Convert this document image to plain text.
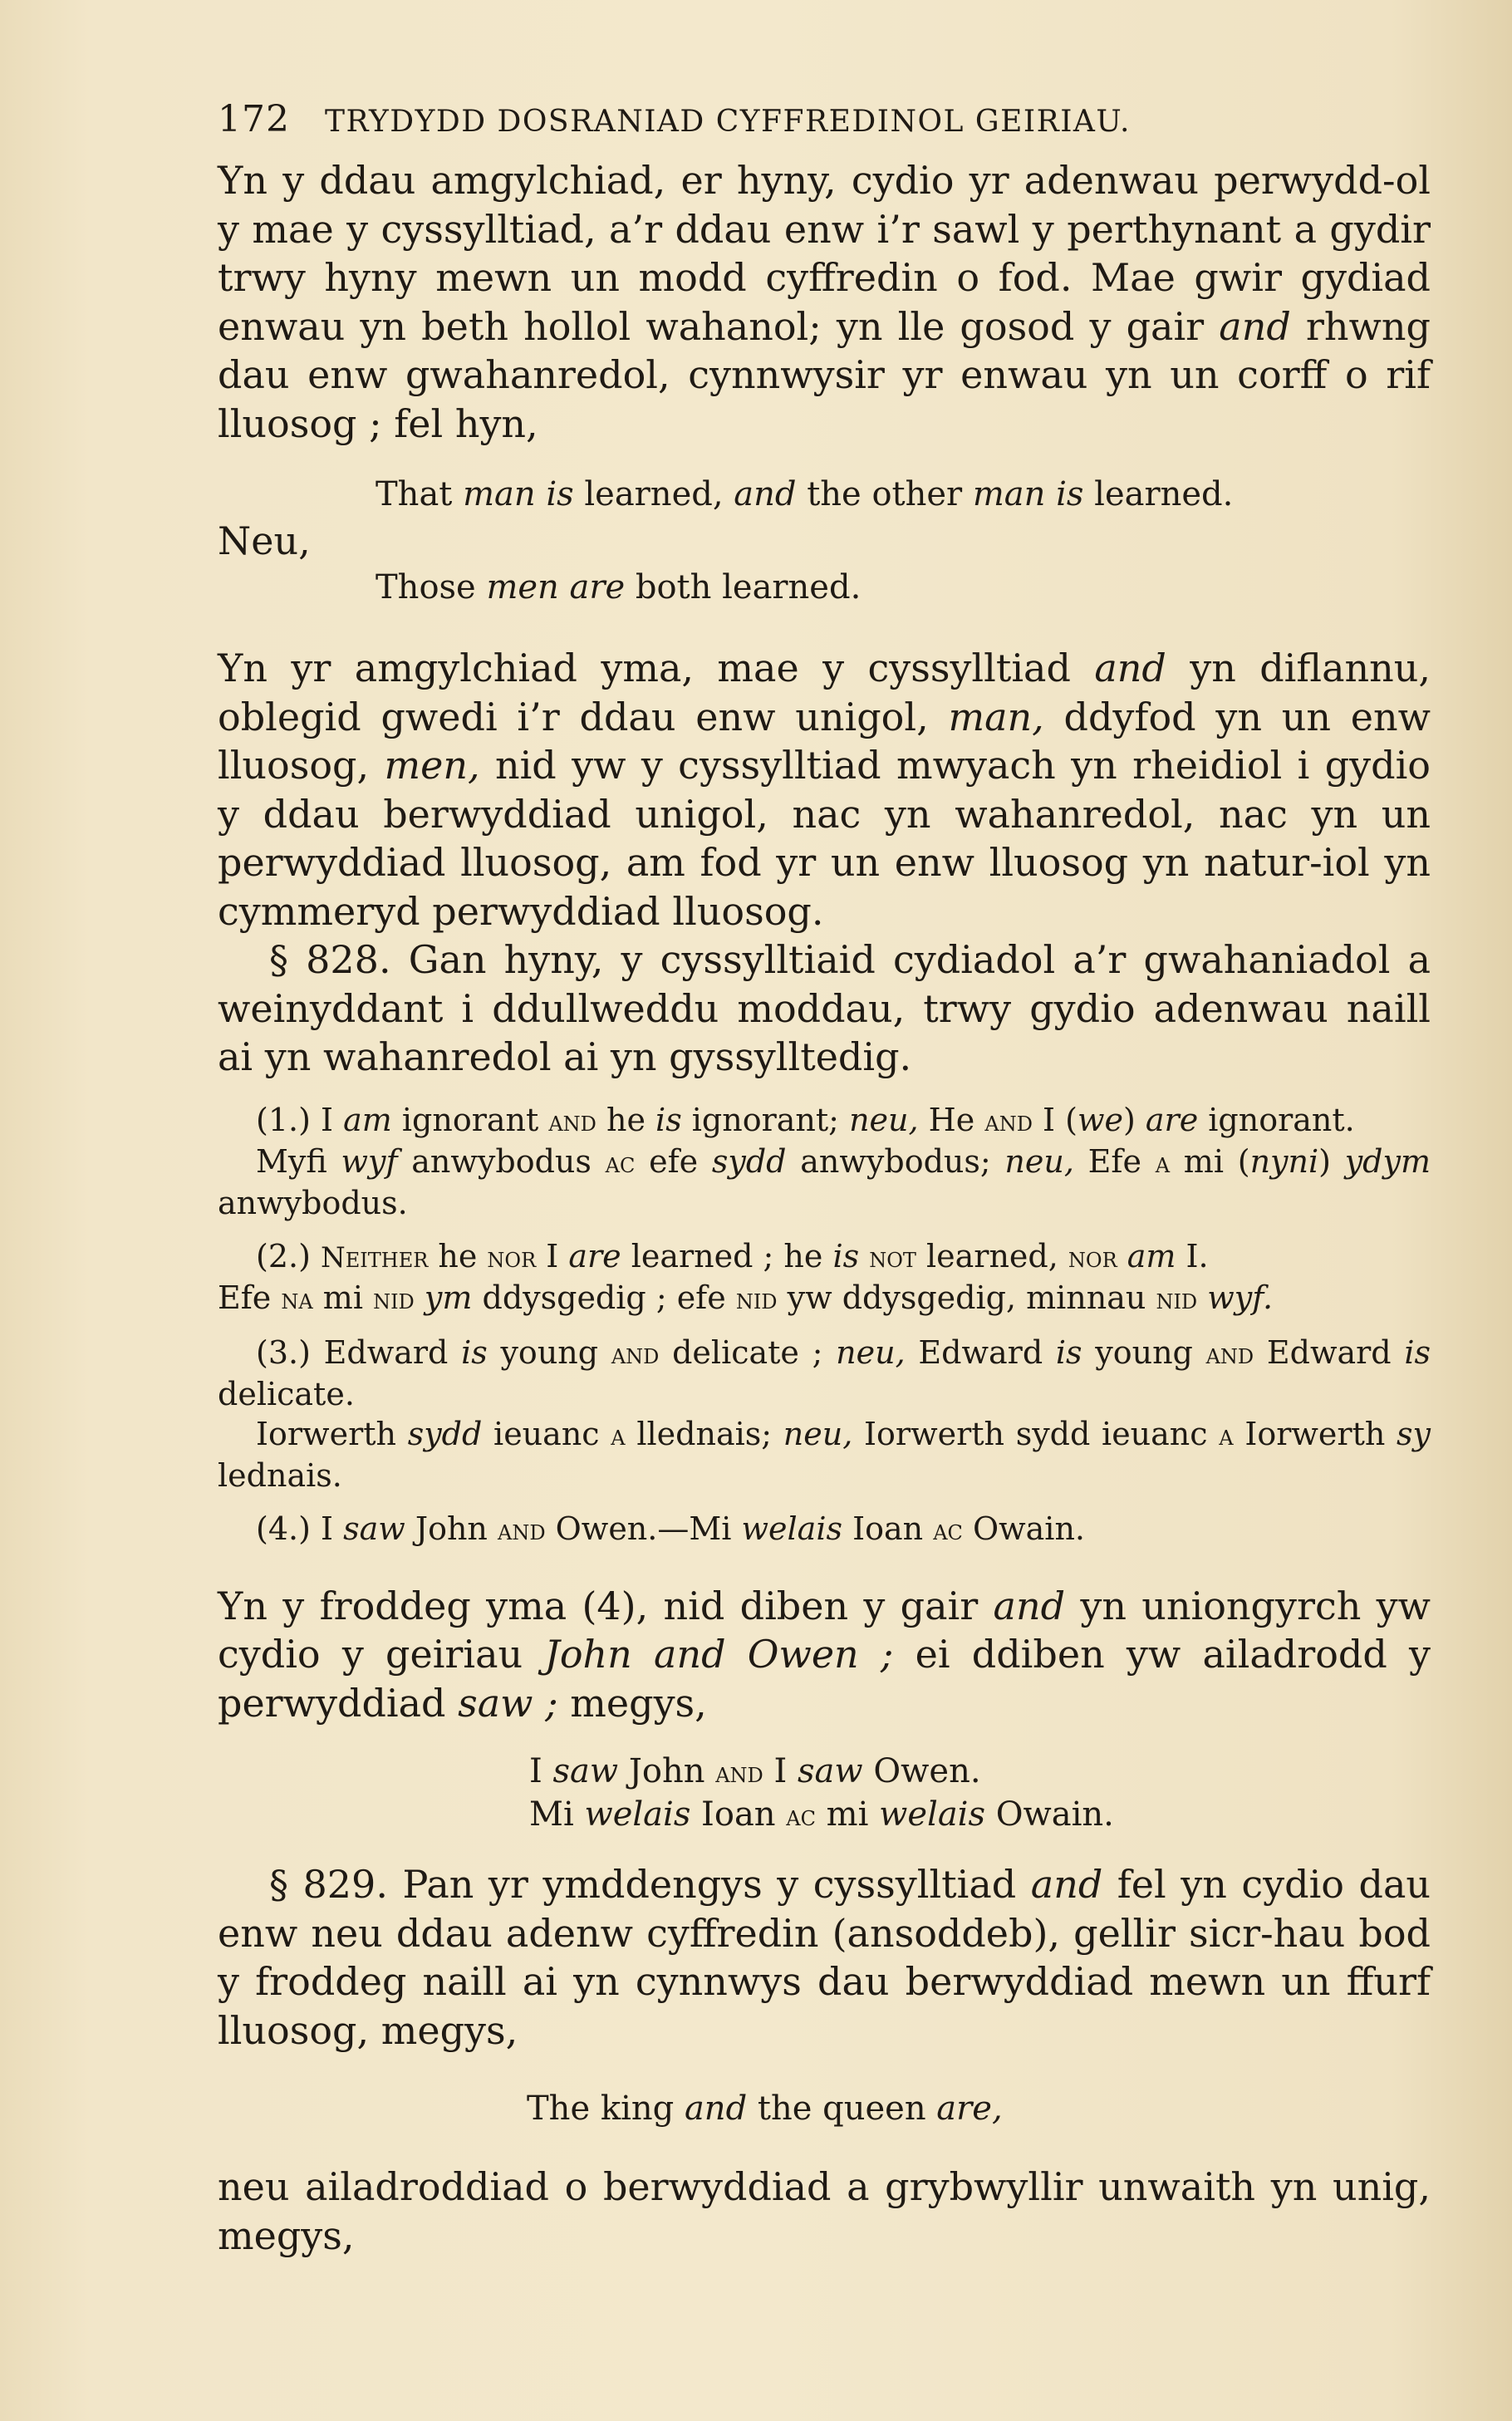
172 TRYDYDD DOSRANIAD CYFFREDINOL GEIRIAU.

Yn y ddau amgylchiad, er hyny, cydio yr adenwau perwydd-ol y mae y cyssylltiad, a’r ddau enw i’r sawl y perthynant a gydir trwy hyny mewn un modd cyffredin o fod. Mae gwir gydiad enwau yn beth hollol wahanol; yn lle gosod y gair and rhwng dau enw gwahanredol, cynnwysir yr enwau yn un corff o rif lluosog ; fel hyn,

That man is learned, and the other man is learned.

Neu,

Those men are both learned.

Yn yr amgylchiad yma, mae y cyssylltiad and yn diflannu, oblegid gwedi i’r ddau enw unigol, man, ddyfod yn un enw lluosog, men, nid yw y cyssylltiad mwyach yn rheidiol i gydio y ddau berwyddiad unigol, nac yn wahanredol, nac yn un perwyddiad lluosog, am fod yr un enw lluosog yn natur-iol yn cymmeryd perwyddiad lluosog.

§ 828. Gan hyny, y cyssylltiaid cydiadol a’r gwahaniadol a weinyddant i ddullweddu moddau, trwy gydio adenwau naill ai yn wahanredol ai yn gyssylltedig.

(1.) I am ignorant and he is ignorant; neu, He and I (we) are ignorant.

Myfi wyf anwybodus ac efe sydd anwybodus; neu, Efe a mi (nyni) ydym anwybodus.

(2.) Neither he nor I are learned ; he is not learned, nor am I.

Efe na mi nid ym ddysgedig ; efe nid yw ddysgedig, minnau nid wyf.

(3.) Edward is young and delicate ; neu, Edward is young and Edward is delicate.

Iorwerth sydd ieuanc a llednais; neu, Iorwerth sydd ieuanc a Iorwerth sy lednais.

(4.) I saw John and Owen.—Mi welais Ioan ac Owain.

Yn y froddeg yma (4), nid diben y gair and yn uniongyrch yw cydio y geiriau John and Owen ; ei ddiben yw ailadrodd y perwyddiad saw ; megys,

I saw John and I saw Owen.

Mi welais Ioan ac mi welais Owain.

§ 829. Pan yr ymddengys y cyssylltiad and fel yn cydio dau enw neu ddau adenw cyffredin (ansoddeb), gellir sicr-hau bod y froddeg naill ai yn cynnwys dau berwyddiad mewn un ffurf lluosog, megys,

The king and the queen are,

neu ailadroddiad o berwyddiad a grybwyllir unwaith yn unig, megys,
